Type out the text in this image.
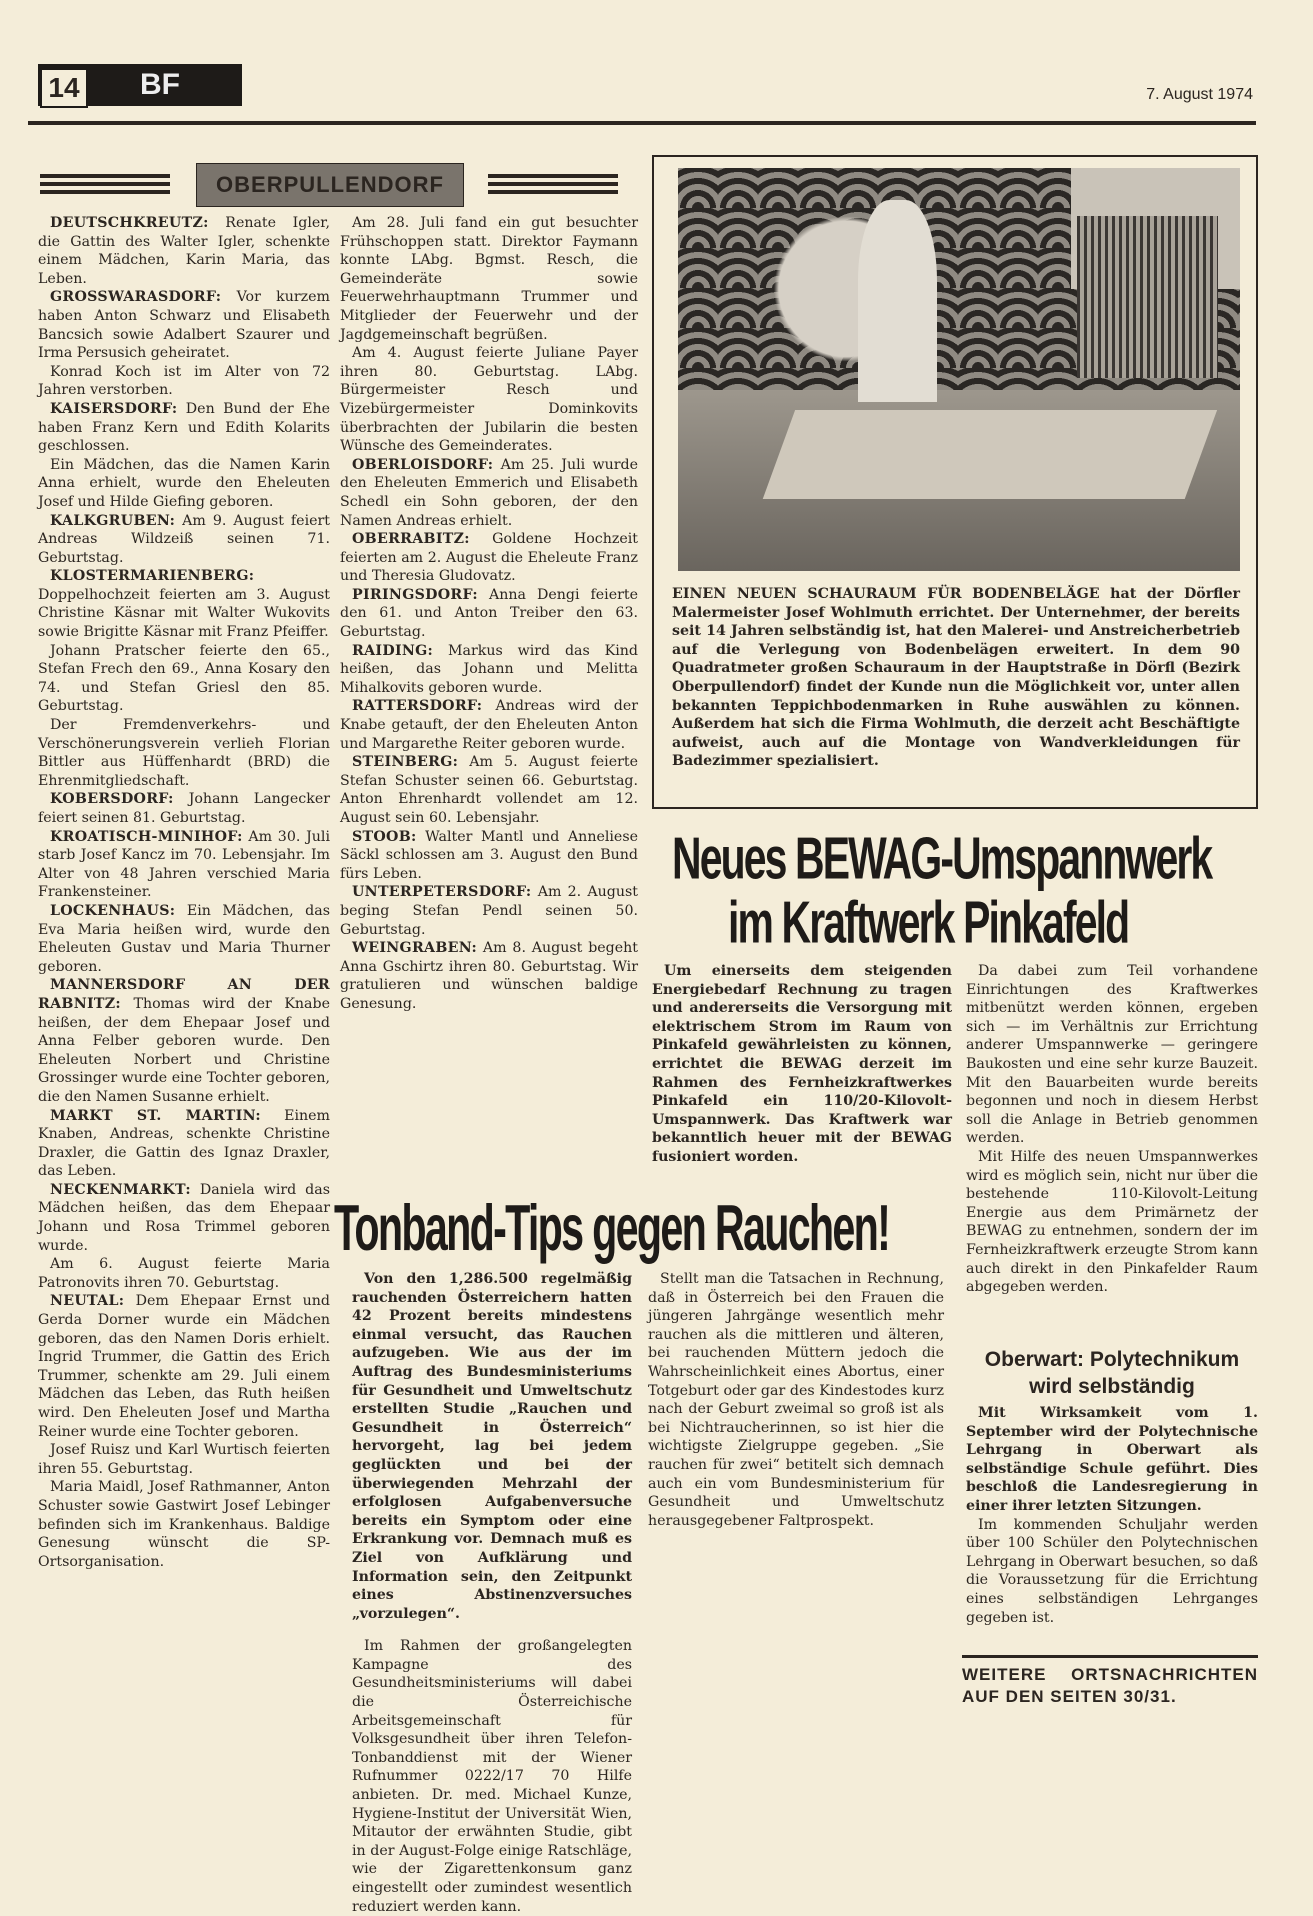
14 BF	7. August 1974
OBERPULLENDORF

DEUTSCHKREUTZ: Renate Igler, die Gattin des Walter Igler, schenkte einem Mädchen, Karin Maria, das Leben.

GROSSWARASDORF: Vor kurzem haben Anton Schwarz und Elisabeth Bancsich sowie Adalbert Szaurer und Irma Persusich geheiratet.

Konrad Koch ist im Alter von 72 Jahren verstorben.

KAISERSDORF: Den Bund der Ehe haben Franz Kern und Edith Kolarits geschlossen.

Ein Mädchen, das die Namen Karin Anna erhielt, wurde den Eheleuten Josef und Hilde Giefing geboren.

KALKGRUBEN: Am 9. August feiert Andreas Wildzeiß seinen 71. Geburtstag.

KLOSTERMARIENBERG: Doppelhochzeit feierten am 3. August Christine Käsnar mit Walter Wukovits sowie Brigitte Käsnar mit Franz Pfeiffer.

Johann Pratscher feierte den 65., Stefan Frech den 69., Anna Kosary den 74. und Stefan Griesl den 85. Geburtstag.

Der Fremdenverkehrs- und Verschönerungsverein verlieh Florian Bittler aus Hüffenhardt (BRD) die Ehrenmitgliedschaft.

KOBERSDORF: Johann Langecker feiert seinen 81. Geburtstag.

KROATISCH-MINIHOF: Am 30. Juli starb Josef Kancz im 70. Lebensjahr. Im Alter von 48 Jahren verschied Maria Frankensteiner.

LOCKENHAUS: Ein Mädchen, das Eva Maria heißen wird, wurde den Eheleuten Gustav und Maria Thurner geboren.

MANNERSDORF AN DER RABNITZ: Thomas wird der Knabe heißen, der dem Ehepaar Josef und Anna Felber geboren wurde. Den Eheleuten Norbert und Christine Grossinger wurde eine Tochter geboren, die den Namen Susanne erhielt.

MARKT ST. MARTIN: Einem Knaben, Andreas, schenkte Christine Draxler, die Gattin des Ignaz Draxler, das Leben.

NECKENMARKT: Daniela wird das Mädchen heißen, das dem Ehepaar Johann und Rosa Trimmel geboren wurde.

Am 6. August feierte Maria Patronovits ihren 70. Geburtstag.

NEUTAL: Dem Ehepaar Ernst und Gerda Dorner wurde ein Mädchen geboren, das den Namen Doris erhielt. Ingrid Trummer, die Gattin des Erich Trummer, schenkte am 29. Juli einem Mädchen das Leben, das Ruth heißen wird. Den Eheleuten Josef und Martha Reiner wurde eine Tochter geboren.

Josef Ruisz und Karl Wurtisch feierten ihren 55. Geburtstag.

Maria Maidl, Josef Rathmanner, Anton Schuster sowie Gastwirt Josef Lebinger befinden sich im Krankenhaus. Baldige Genesung wünscht die SP-Ortsorganisation.

Am 28. Juli fand ein gut besuchter Frühschoppen statt. Direktor Faymann konnte LAbg. Bgmst. Resch, die Gemeinderäte sowie Feuerwehrhauptmann Trummer und Mitglieder der Feuerwehr und der Jagdgemeinschaft begrüßen.

Am 4. August feierte Juliane Payer ihren 80. Geburtstag. LAbg. Bürgermeister Resch und Vizebürgermeister Dominkovits überbrachten der Jubilarin die besten Wünsche des Gemeinderates.

OBERLOISDORF: Am 25. Juli wurde den Eheleuten Emmerich und Elisabeth Schedl ein Sohn geboren, der den Namen Andreas erhielt.

OBERRABITZ: Goldene Hochzeit feierten am 2. August die Eheleute Franz und Theresia Gludovatz.

PIRINGSDORF: Anna Dengi feierte den 61. und Anton Treiber den 63. Geburtstag.

RAIDING: Markus wird das Kind heißen, das Johann und Melitta Mihalkovits geboren wurde.

RATTERSDORF: Andreas wird der Knabe getauft, der den Eheleuten Anton und Margarethe Reiter geboren wurde.

STEINBERG: Am 5. August feierte Stefan Schuster seinen 66. Geburtstag. Anton Ehrenhardt vollendet am 12. August sein 60. Lebensjahr.

STOOB: Walter Mantl und Anneliese Säckl schlossen am 3. August den Bund fürs Leben.

UNTERPETERSDORF: Am 2. August beging Stefan Pendl seinen 50. Geburtstag.

WEINGRABEN: Am 8. August begeht Anna Gschirtz ihren 80. Geburtstag. Wir gratulieren und wünschen baldige Genesung.

EINEN NEUEN SCHAURAUM FÜR BODENBELÄGE hat der Dörfler Malermeister Josef Wohlmuth errichtet. Der Unternehmer, der bereits seit 14 Jahren selbständig ist, hat den Malerei- und Anstreicherbetrieb auf die Verlegung von Bodenbelägen erweitert. In dem 90 Quadratmeter großen Schauraum in der Hauptstraße in Dörfl (Bezirk Oberpullendorf) findet der Kunde nun die Möglichkeit vor, unter allen bekannten Teppichbodenmarken in Ruhe auswählen zu können. Außerdem hat sich die Firma Wohlmuth, die derzeit acht Beschäftigte aufweist, auch auf die Montage von Wandverkleidungen für Badezimmer spezialisiert.
Neues BEWAG-Umspannwerk
im Kraftwerk Pinkafeld

Um einerseits dem steigenden Energiebedarf Rechnung zu tragen und andererseits die Versorgung mit elektrischem Strom im Raum von Pinkafeld gewährleisten zu können, errichtet die BEWAG derzeit im Rahmen des Fernheizkraftwerkes Pinkafeld ein 110/20-Kilovolt-Umspannwerk. Das Kraftwerk war bekanntlich heuer mit der BEWAG fusioniert worden.

Da dabei zum Teil vorhandene Einrichtungen des Kraftwerkes mitbenützt werden können, ergeben sich — im Verhältnis zur Errichtung anderer Umspannwerke — geringere Baukosten und eine sehr kurze Bauzeit. Mit den Bauarbeiten wurde bereits begonnen und noch in diesem Herbst soll die Anlage in Betrieb genommen werden.

Mit Hilfe des neuen Umspannwerkes wird es möglich sein, nicht nur über die bestehende 110-Kilovolt-Leitung Energie aus dem Primärnetz der BEWAG zu entnehmen, sondern der im Fernheizkraftwerk erzeugte Strom kann auch direkt in den Pinkafelder Raum abgegeben werden.

Tonband-Tips gegen Rauchen!

Von den 1,286.500 regelmäßig rauchenden Österreichern hatten 42 Prozent bereits mindestens einmal versucht, das Rauchen aufzugeben. Wie aus der im Auftrag des Bundesministeriums für Gesundheit und Umweltschutz erstellten Studie „Rauchen und Gesundheit in Österreich“ hervorgeht, lag bei jedem geglückten und bei der überwiegenden Mehrzahl der erfolglosen Aufgabenversuche bereits ein Symptom oder eine Erkrankung vor. Demnach muß es Ziel von Aufklärung und Information sein, den Zeitpunkt eines Abstinenzversuches „vorzulegen“.

Im Rahmen der großangelegten Kampagne des Gesundheitsministeriums will dabei die Österreichische Arbeitsgemeinschaft für Volksgesundheit über ihren Telefon-Tonbanddienst mit der Wiener Rufnummer 0222/17 70 Hilfe anbieten. Dr. med. Michael Kunze, Hygiene-Institut der Universität Wien, Mitautor der erwähnten Studie, gibt in der August-Folge einige Ratschläge, wie der Zigarettenkonsum ganz eingestellt oder zumindest wesentlich reduziert werden kann.

Stellt man die Tatsachen in Rechnung, daß in Österreich bei den Frauen die jüngeren Jahrgänge wesentlich mehr rauchen als die mittleren und älteren, bei rauchenden Müttern jedoch die Wahrscheinlichkeit eines Abortus, einer Totgeburt oder gar des Kindestodes kurz nach der Geburt zweimal so groß ist als bei Nichtraucherinnen, so ist hier die wichtigste Zielgruppe gegeben. „Sie rauchen für zwei“ betitelt sich demnach auch ein vom Bundesministerium für Gesundheit und Umweltschutz herausgegebener Faltprospekt.

Oberwart: Polytechnikum wird selbständig

Mit Wirksamkeit vom 1. September wird der Polytechnische Lehrgang in Oberwart als selbständige Schule geführt. Dies beschloß die Landesregierung in einer ihrer letzten Sitzungen.

Im kommenden Schuljahr werden über 100 Schüler den Polytechnischen Lehrgang in Oberwart besuchen, so daß die Voraussetzung für die Errichtung eines selbständigen Lehrganges gegeben ist.

WEITERE ORTSNACHRICHTEN AUF DEN SEITEN 30/31.
